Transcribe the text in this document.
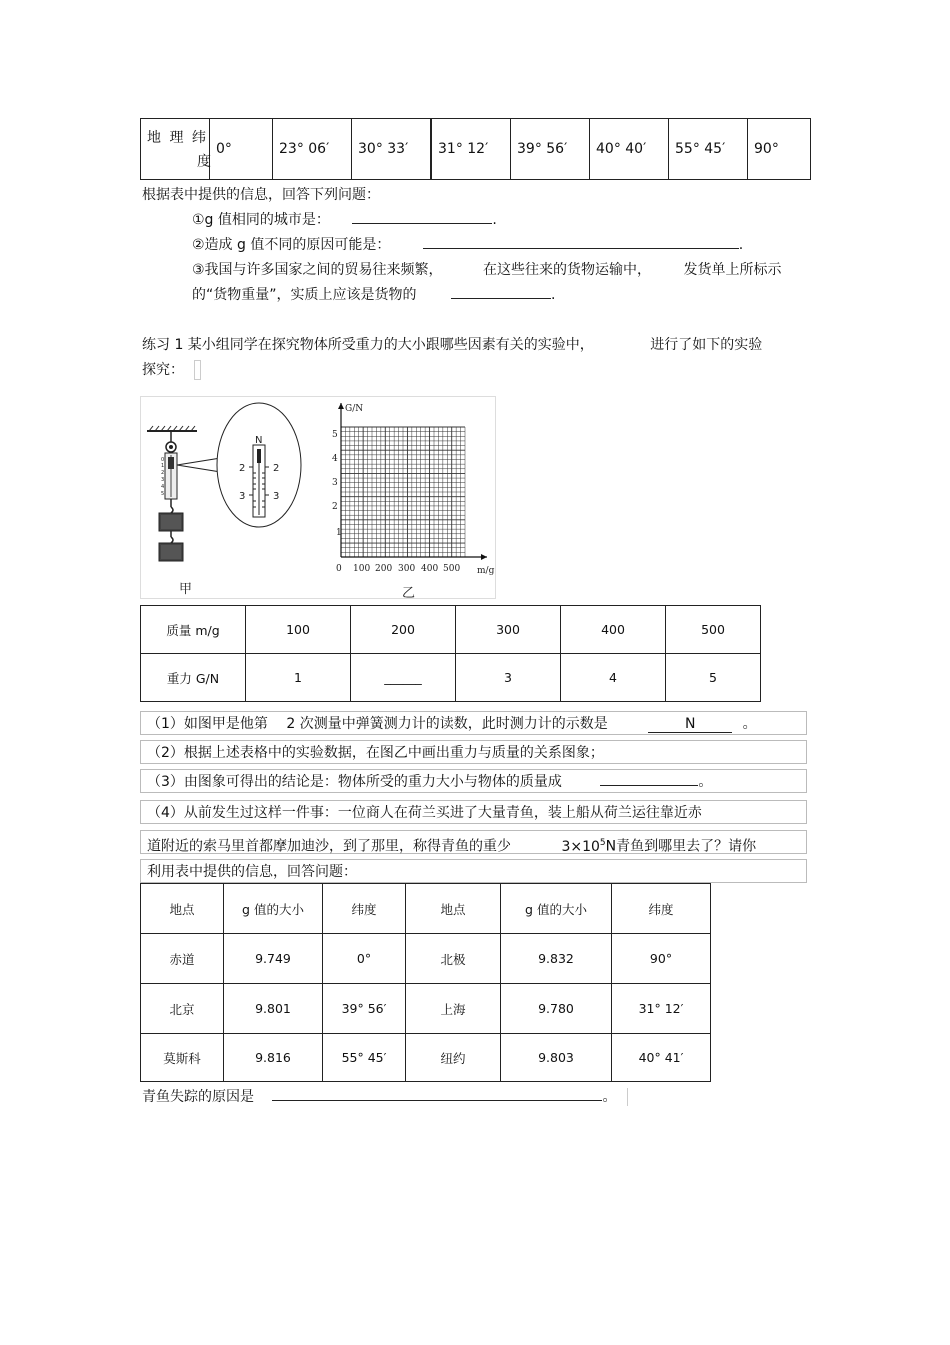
地 理 纬
度
	0°	23° 06′	30° 33′	31° 12′	39° 56′	40° 40′	55° 45′	90°
根据表中提供的信息，回答下列问题：
①g 值相同的城市是：	.
②造成 g 值不同的原因可能是：	.
③我国与许多国家之间的贸易往来频繁，	在这些往来的货物运输中， 发货单上所标示
的“货物重量”，实质上应该是货物的	.
练习 1 某小组同学在探究物体所受重力的大小跟哪些因素有关的实验中，	进行了如下的实验
探究：
0
1
2
3
4
5
N
2	2
3	3
甲
G/N
m/g
1
2
3
4
5
0 100 200 300 400 500
乙
质量 m/g	100	200	300	400	500
重力 G/N	1	______	3	4	5
（1）如图甲是他第 2 次测量中弹簧测力计的读数，此时测力计的示数是	N	。
（2）根据上述表格中的实验数据，在图乙中画出重力与质量的关系图象；
（3）由图象可得出的结论是：物体所受的重力大小与物体的质量成	。
（4）从前发生过这样一件事：一位商人在荷兰买进了大量青鱼，装上船从荷兰运往靠近赤
道附近的索马里首都摩加迪沙，到了那里，称得青鱼的重少	$3\times 10^5N$青鱼到哪里去了？请你
利用表中提供的信息，回答问题：
地点	g 值的大小	纬度	地点	g 值的大小	纬度
赤道	9.749	0°	北极	9.832	90°
北京	9.801	39° 56′	上海	9.780	31° 12′
莫斯科	9.816	55° 45′	纽约	9.803	40° 41′
青鱼失踪的原因是	。
